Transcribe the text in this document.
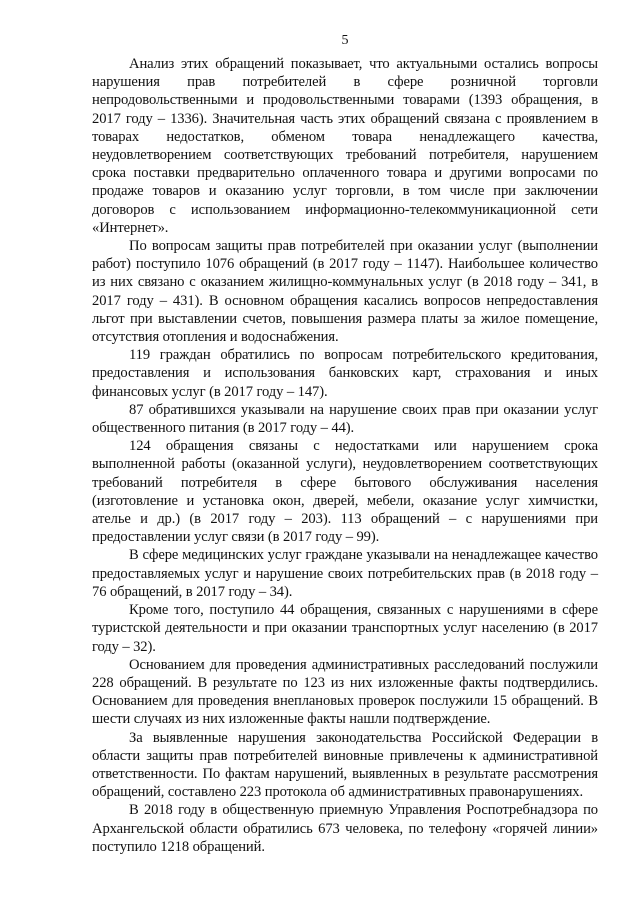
5

Анализ этих обращений показывает, что актуальными остались вопросы нарушения прав потребителей в сфере розничной торговли непродовольственными и продовольственными товарами (1393 обращения, в 2017 году – 1336). Значительная часть этих обращений связана с проявлением в товарах недостатков, обменом товара ненадлежащего качества, неудовлетворением соответствующих требований потребителя, нарушением срока поставки предварительно оплаченного товара и другими вопросами по продаже товаров и оказанию услуг торговли, в том числе при заключении договоров с использованием информационно-телекоммуникационной сети «Интернет».

По вопросам защиты прав потребителей при оказании услуг (выполнении работ) поступило 1076 обращений (в 2017 году – 1147). Наибольшее количество из них связано с оказанием жилищно-коммунальных услуг (в 2018 году – 341, в 2017 году – 431). В основном обращения касались вопросов непредоставления льгот при выставлении счетов, повышения размера платы за жилое помещение, отсутствия отопления и водоснабжения.

119 граждан обратились по вопросам потребительского кредитования, предоставления и использования банковских карт, страхования и иных финансовых услуг (в 2017 году – 147).

87 обратившихся указывали на нарушение своих прав при оказании услуг общественного питания (в 2017 году – 44).

124 обращения связаны с недостатками или нарушением срока выполненной работы (оказанной услуги), неудовлетворением соответствующих требований потребителя в сфере бытового обслуживания населения (изготовление и установка окон, дверей, мебели, оказание услуг химчистки, ателье и др.) (в 2017 году – 203). 113 обращений – с нарушениями при предоставлении услуг связи (в 2017 году – 99).

В сфере медицинских услуг граждане указывали на ненадлежащее качество предоставляемых услуг и нарушение своих потребительских прав (в 2018 году – 76 обращений, в 2017 году – 34).

Кроме того, поступило 44 обращения, связанных с нарушениями в сфере туристской деятельности и при оказании транспортных услуг населению (в 2017 году – 32).

Основанием для проведения административных расследований послужили 228 обращений. В результате по 123 из них изложенные факты подтвердились. Основанием для проведения внеплановых проверок послужили 15 обращений. В шести случаях из них изложенные факты нашли подтверждение.

За выявленные нарушения законодательства Российской Федерации в области защиты прав потребителей виновные привлечены к административной ответственности. По фактам нарушений, выявленных в результате рассмотрения обращений, составлено 223 протокола об административных правонарушениях.

В 2018 году в общественную приемную Управления Роспотребнадзора по Архангельской области обратились 673 человека, по телефону «горячей линии» поступило 1218 обращений.
